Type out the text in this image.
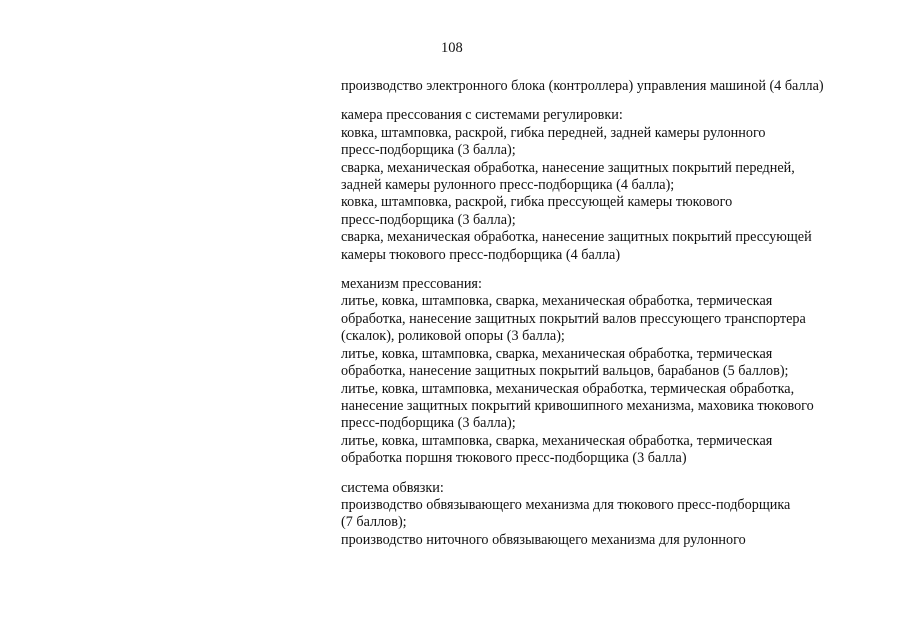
108

производство электронного блока (контроллера) управления машиной (4 балла)

камера прессования с системами регулировки:
ковка, штамповка, раскрой, гибка передней, задней камеры рулонного
пресс-подборщика (3 балла);
сварка, механическая обработка, нанесение защитных покрытий передней,
задней камеры рулонного пресс-подборщика (4 балла);
ковка, штамповка, раскрой, гибка прессующей камеры тюкового
пресс-подборщика (3 балла);
сварка, механическая обработка, нанесение защитных покрытий прессующей
камеры тюкового пресс-подборщика (4 балла)
механизм прессования:
литье, ковка, штамповка, сварка, механическая обработка, термическая
обработка, нанесение защитных покрытий валов прессующего транспортера
(скалок), роликовой опоры (3 балла);
литье, ковка, штамповка, сварка, механическая обработка, термическая
обработка, нанесение защитных покрытий вальцов, барабанов (5 баллов);
литье, ковка, штамповка, механическая обработка, термическая обработка,
нанесение защитных покрытий кривошипного механизма, маховика тюкового
пресс-подборщика (3 балла);
литье, ковка, штамповка, сварка, механическая обработка, термическая
обработка поршня тюкового пресс-подборщика (3 балла)
система обвязки:
производство обвязывающего механизма для тюкового пресс-подборщика
(7 баллов);
производство ниточного обвязывающего механизма для рулонного
